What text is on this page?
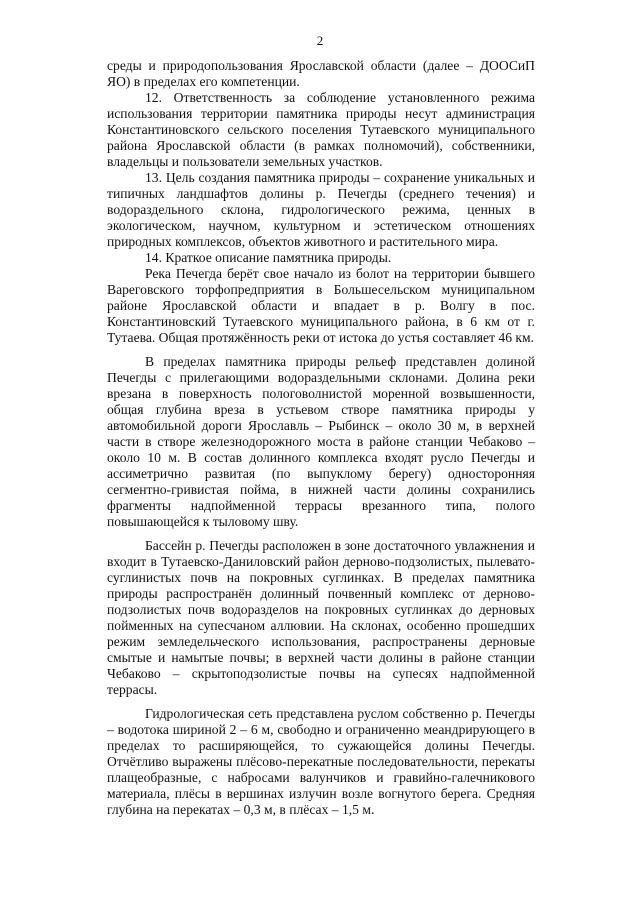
2

среды и природопользования Ярославской области (далее – ДООСиП ЯО) в пределах его компетенции.

12. Ответственность за соблюдение установленного режима использования территории памятника природы несут администрация Константиновского сельского поселения Тутаевского муниципального района Ярославской области (в рамках полномочий), собственники, владельцы и пользователи земельных участков.

13. Цель создания памятника природы – сохранение уникальных и типичных ландшафтов долины р. Печегды (среднего течения) и водораздельного склона, гидрологического режима, ценных в экологическом, научном, культурном и эстетическом отношениях природных комплексов, объектов животного и растительного мира.

14. Краткое описание памятника природы.

Река Печегда берёт свое начало из болот на территории бывшего Вареговского торфопредприятия в Большесельском муниципальном районе Ярославской области и впадает в р. Волгу в пос. Константиновский Тутаевского муниципального района, в 6 км от г. Тутаева. Общая протяжённость реки от истока до устья составляет 46 км.

В пределах памятника природы рельеф представлен долиной Печегды с прилегающими водораздельными склонами. Долина реки врезана в поверхность пологоволнистой моренной возвышенности, общая глубина вреза в устьевом створе памятника природы у автомобильной дороги Ярославль – Рыбинск – около 30 м, в верхней части в створе железнодорожного моста в районе станции Чебаково – около 10 м. В состав долинного комплекса входят русло Печегды и ассиметрично развитая (по выпуклому берегу) односторонняя сегментно-гривистая пойма, в нижней части долины сохранились фрагменты надпойменной террасы врезанного типа, полого повышающейся к тыловому шву.

Бассейн р. Печегды расположен в зоне достаточного увлажнения и входит в Тутаевско-Даниловский район дерново-подзолистых, пылевато-суглинистых почв на покровных суглинках. В пределах памятника природы распространён долинный почвенный комплекс от дерново-подзолистых почв водоразделов на покровных суглинках до дерновых пойменных на супесчаном аллювии. На склонах, особенно прошедших режим земледельческого использования, распространены дерновые смытые и намытые почвы; в верхней части долины в районе станции Чебаково – скрытоподзолистые почвы на супесях надпойменной террасы.

Гидрологическая сеть представлена руслом собственно р. Печегды – водотока шириной 2 – 6 м, свободно и ограниченно меандрирующего в пределах то расширяющейся, то сужающейся долины Печегды. Отчётливо выражены плёсово-перекатные последовательности, перекаты плащеобразные, с набросами валунчиков и гравийно-галечникового материала, плёсы в вершинах излучин возле вогнутого берега. Средняя глубина на перекатах – 0,3 м, в плёсах – 1,5 м.
